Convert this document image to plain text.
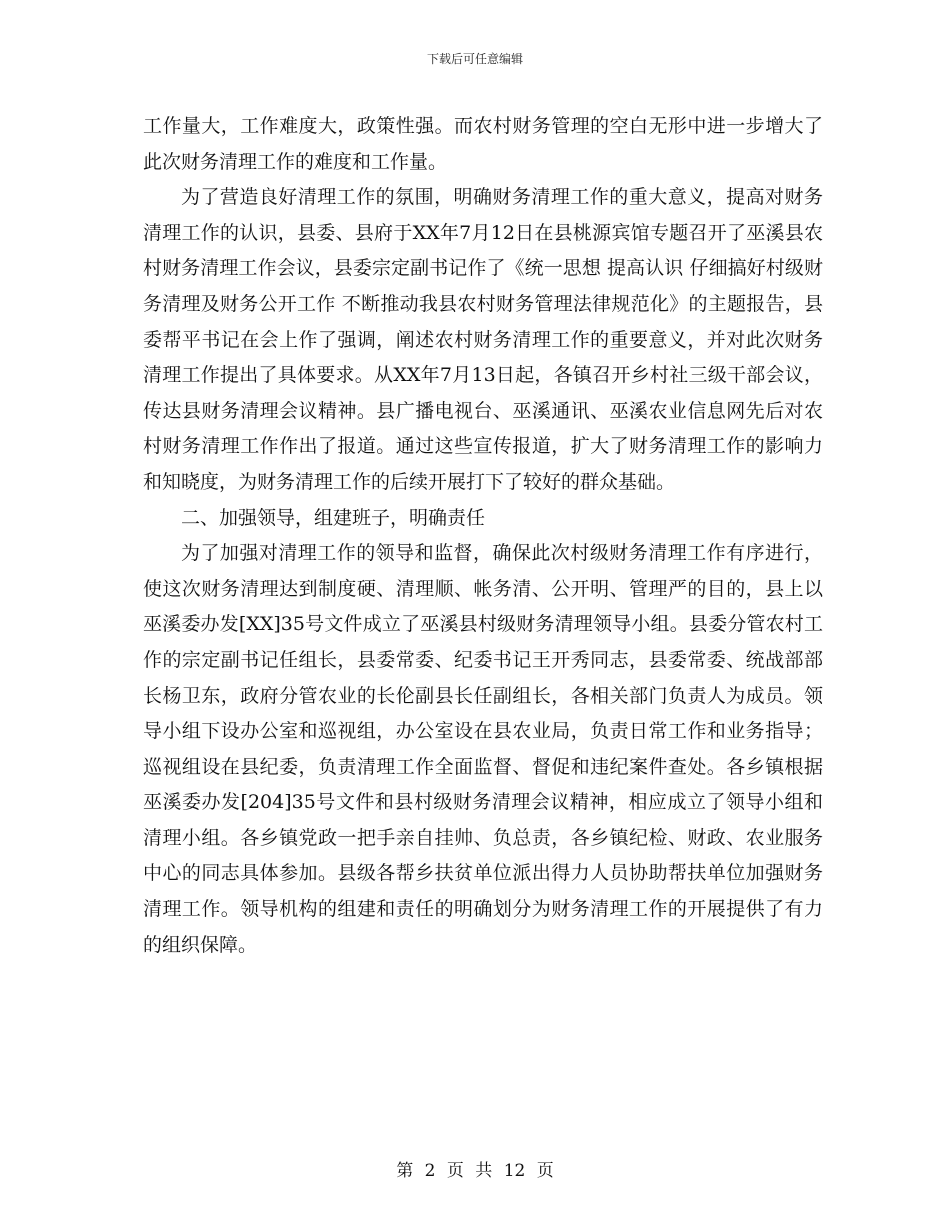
下载后可任意编辑

工作量大，工作难度大，政策性强。而农村财务管理的空白无形中进一步增大了此次财务清理工作的难度和工作量。

为了营造良好清理工作的氛围，明确财务清理工作的重大意义，提高对财务清理工作的认识，县委、县府于XX年7月12日在县桃源宾馆专题召开了巫溪县农村财务清理工作会议，县委宗定副书记作了《统一思想 提高认识 仔细搞好村级财务清理及财务公开工作 不断推动我县农村财务管理法律规范化》的主题报告，县委帮平书记在会上作了强调，阐述农村财务清理工作的重要意义，并对此次财务清理工作提出了具体要求。从XX年7月13日起，各镇召开乡村社三级干部会议，传达县财务清理会议精神。县广播电视台、巫溪通讯、巫溪农业信息网先后对农村财务清理工作作出了报道。通过这些宣传报道，扩大了财务清理工作的影响力和知晓度，为财务清理工作的后续开展打下了较好的群众基础。

二、加强领导，组建班子，明确责任

为了加强对清理工作的领导和监督，确保此次村级财务清理工作有序进行，使这次财务清理达到制度硬、清理顺、帐务清、公开明、管理严的目的，县上以巫溪委办发[XX]35号文件成立了巫溪县村级财务清理领导小组。县委分管农村工作的宗定副书记任组长，县委常委、纪委书记王开秀同志，县委常委、统战部部长杨卫东，政府分管农业的长伦副县长任副组长，各相关部门负责人为成员。领导小组下设办公室和巡视组，办公室设在县农业局，负责日常工作和业务指导；巡视组设在县纪委，负责清理工作全面监督、督促和违纪案件查处。各乡镇根据巫溪委办发[204]35号文件和县村级财务清理会议精神，相应成立了领导小组和清理小组。各乡镇党政一把手亲自挂帅、负总责，各乡镇纪检、财政、农业服务中心的同志具体参加。县级各帮乡扶贫单位派出得力人员协助帮扶单位加强财务清理工作。领导机构的组建和责任的明确划分为财务清理工作的开展提供了有力的组织保障。

第 2 页 共 12 页
